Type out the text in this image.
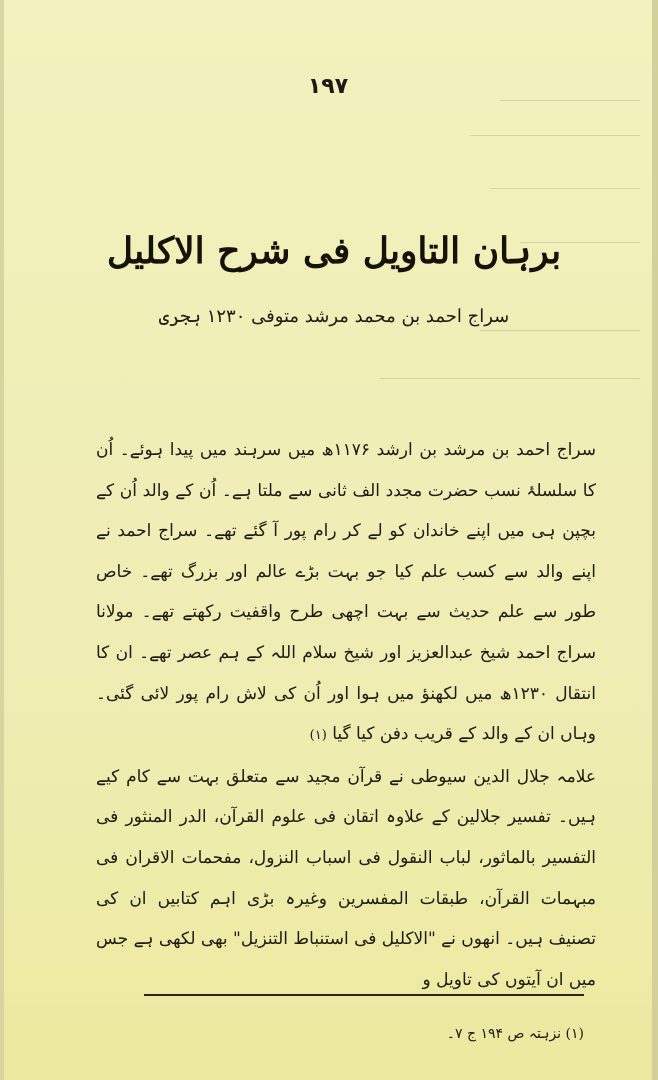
۱۹۷
برہان التاویل فی شرح الاکلیل
سراج احمد بن محمد مرشد متوفی ۱۲۳۰ ہجری

سراج احمد بن مرشد بن ارشد ۱۱۷۶ھ میں سرہند میں پیدا ہوئے۔ اُن کا سلسلۂ نسب حضرت مجدد الف ثانی سے ملتا ہے۔ اُن کے والد اُن کے بچپن ہی میں اپنے خاندان کو لے کر رام پور آ گئے تھے۔ سراج احمد نے اپنے والد سے کسب علم کیا جو بہت بڑے عالم اور بزرگ تھے۔ خاص طور سے علم حدیث سے بہت اچھی طرح واقفیت رکھتے تھے۔ مولانا سراج احمد شیخ عبدالعزیز اور شیخ سلام اللہ کے ہم عصر تھے۔ ان کا انتقال ۱۲۳۰ھ میں لکھنؤ میں ہوا اور اُن کی لاش رام پور لائی گئی۔ وہاں ان کے والد کے قریب دفن کیا گیا (۱)

علامہ جلال الدین سیوطی نے قرآن مجید سے متعلق بہت سے کام کیے ہیں۔ تفسیر جلالین کے علاوہ اتقان فی علوم القرآن، الدر المنثور فی التفسیر بالماثور، لباب النقول فی اسباب النزول، مفحمات الاقران فی مبہمات القرآن، طبقات المفسرین وغیرہ بڑی اہم کتابیں ان کی تصنیف ہیں۔ انھوں نے "الاکلیل فی استنباط التنزیل" بھی لکھی ہے جس میں ان آیتوں کی تاویل و

(۱) نزہتہ ص ۱۹۴ ج ۷۔
